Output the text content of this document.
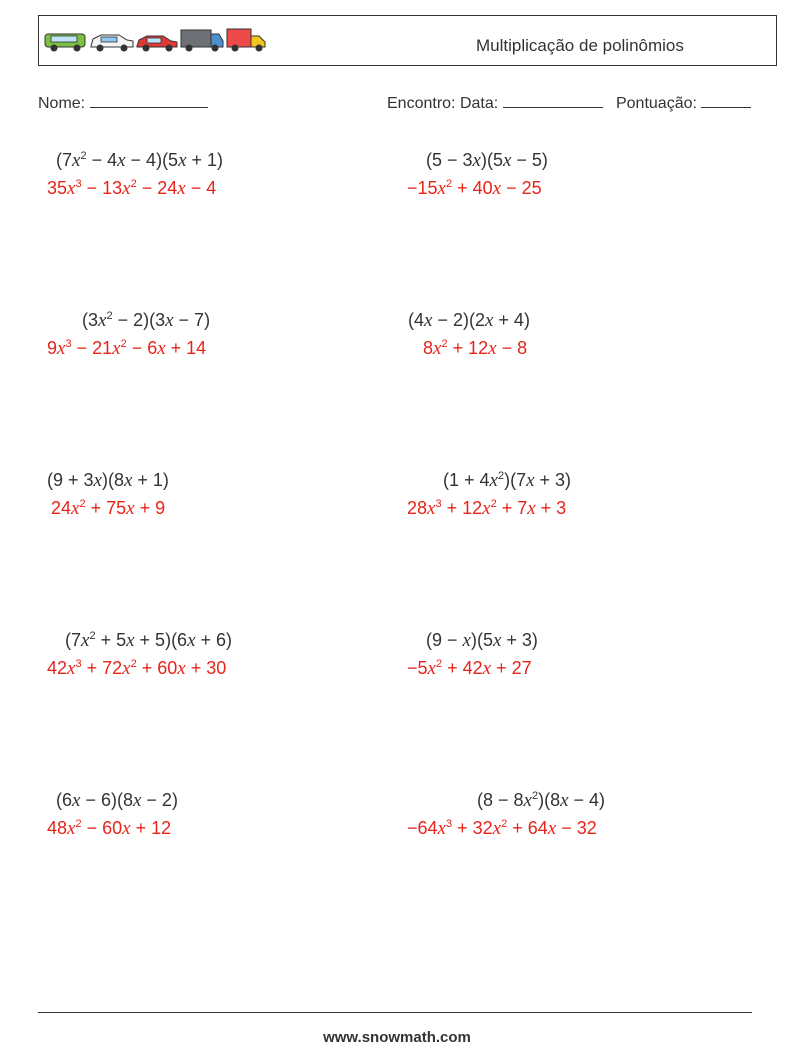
Multiplicação de polinômios
Nome:	Encontro: Data:	Pontuação:
$(7x^2 - 4x - 4)(5x + 1)$
$35x^3 - 13x^2 - 24x - 4$
(5 − 3x)(5x − 5)
$-15x^2 + 40x - 25$
$(3x^2 - 2)(3x - 7)$
$9x^3 - 21x^2 - 6x + 14$
(4x − 2)(2x + 4)
$8x^2 + 12x - 8$
(9 + 3x)(8x + 1)
$24x^2 + 75x + 9$
$(1 + 4x^2)(7x + 3)$
$28x^3 + 12x^2 + 7x + 3$
$(7x^2 + 5x + 5)(6x + 6)$
$42x^3 + 72x^2 + 60x + 30$
(9 − x)(5x + 3)
$-5x^2 + 42x + 27$
(6x − 6)(8x − 2)
$48x^2 - 60x + 12$
$(8 - 8x^2)(8x - 4)$
$-64x^3 + 32x^2 + 64x - 32$
www.snowmath.com
